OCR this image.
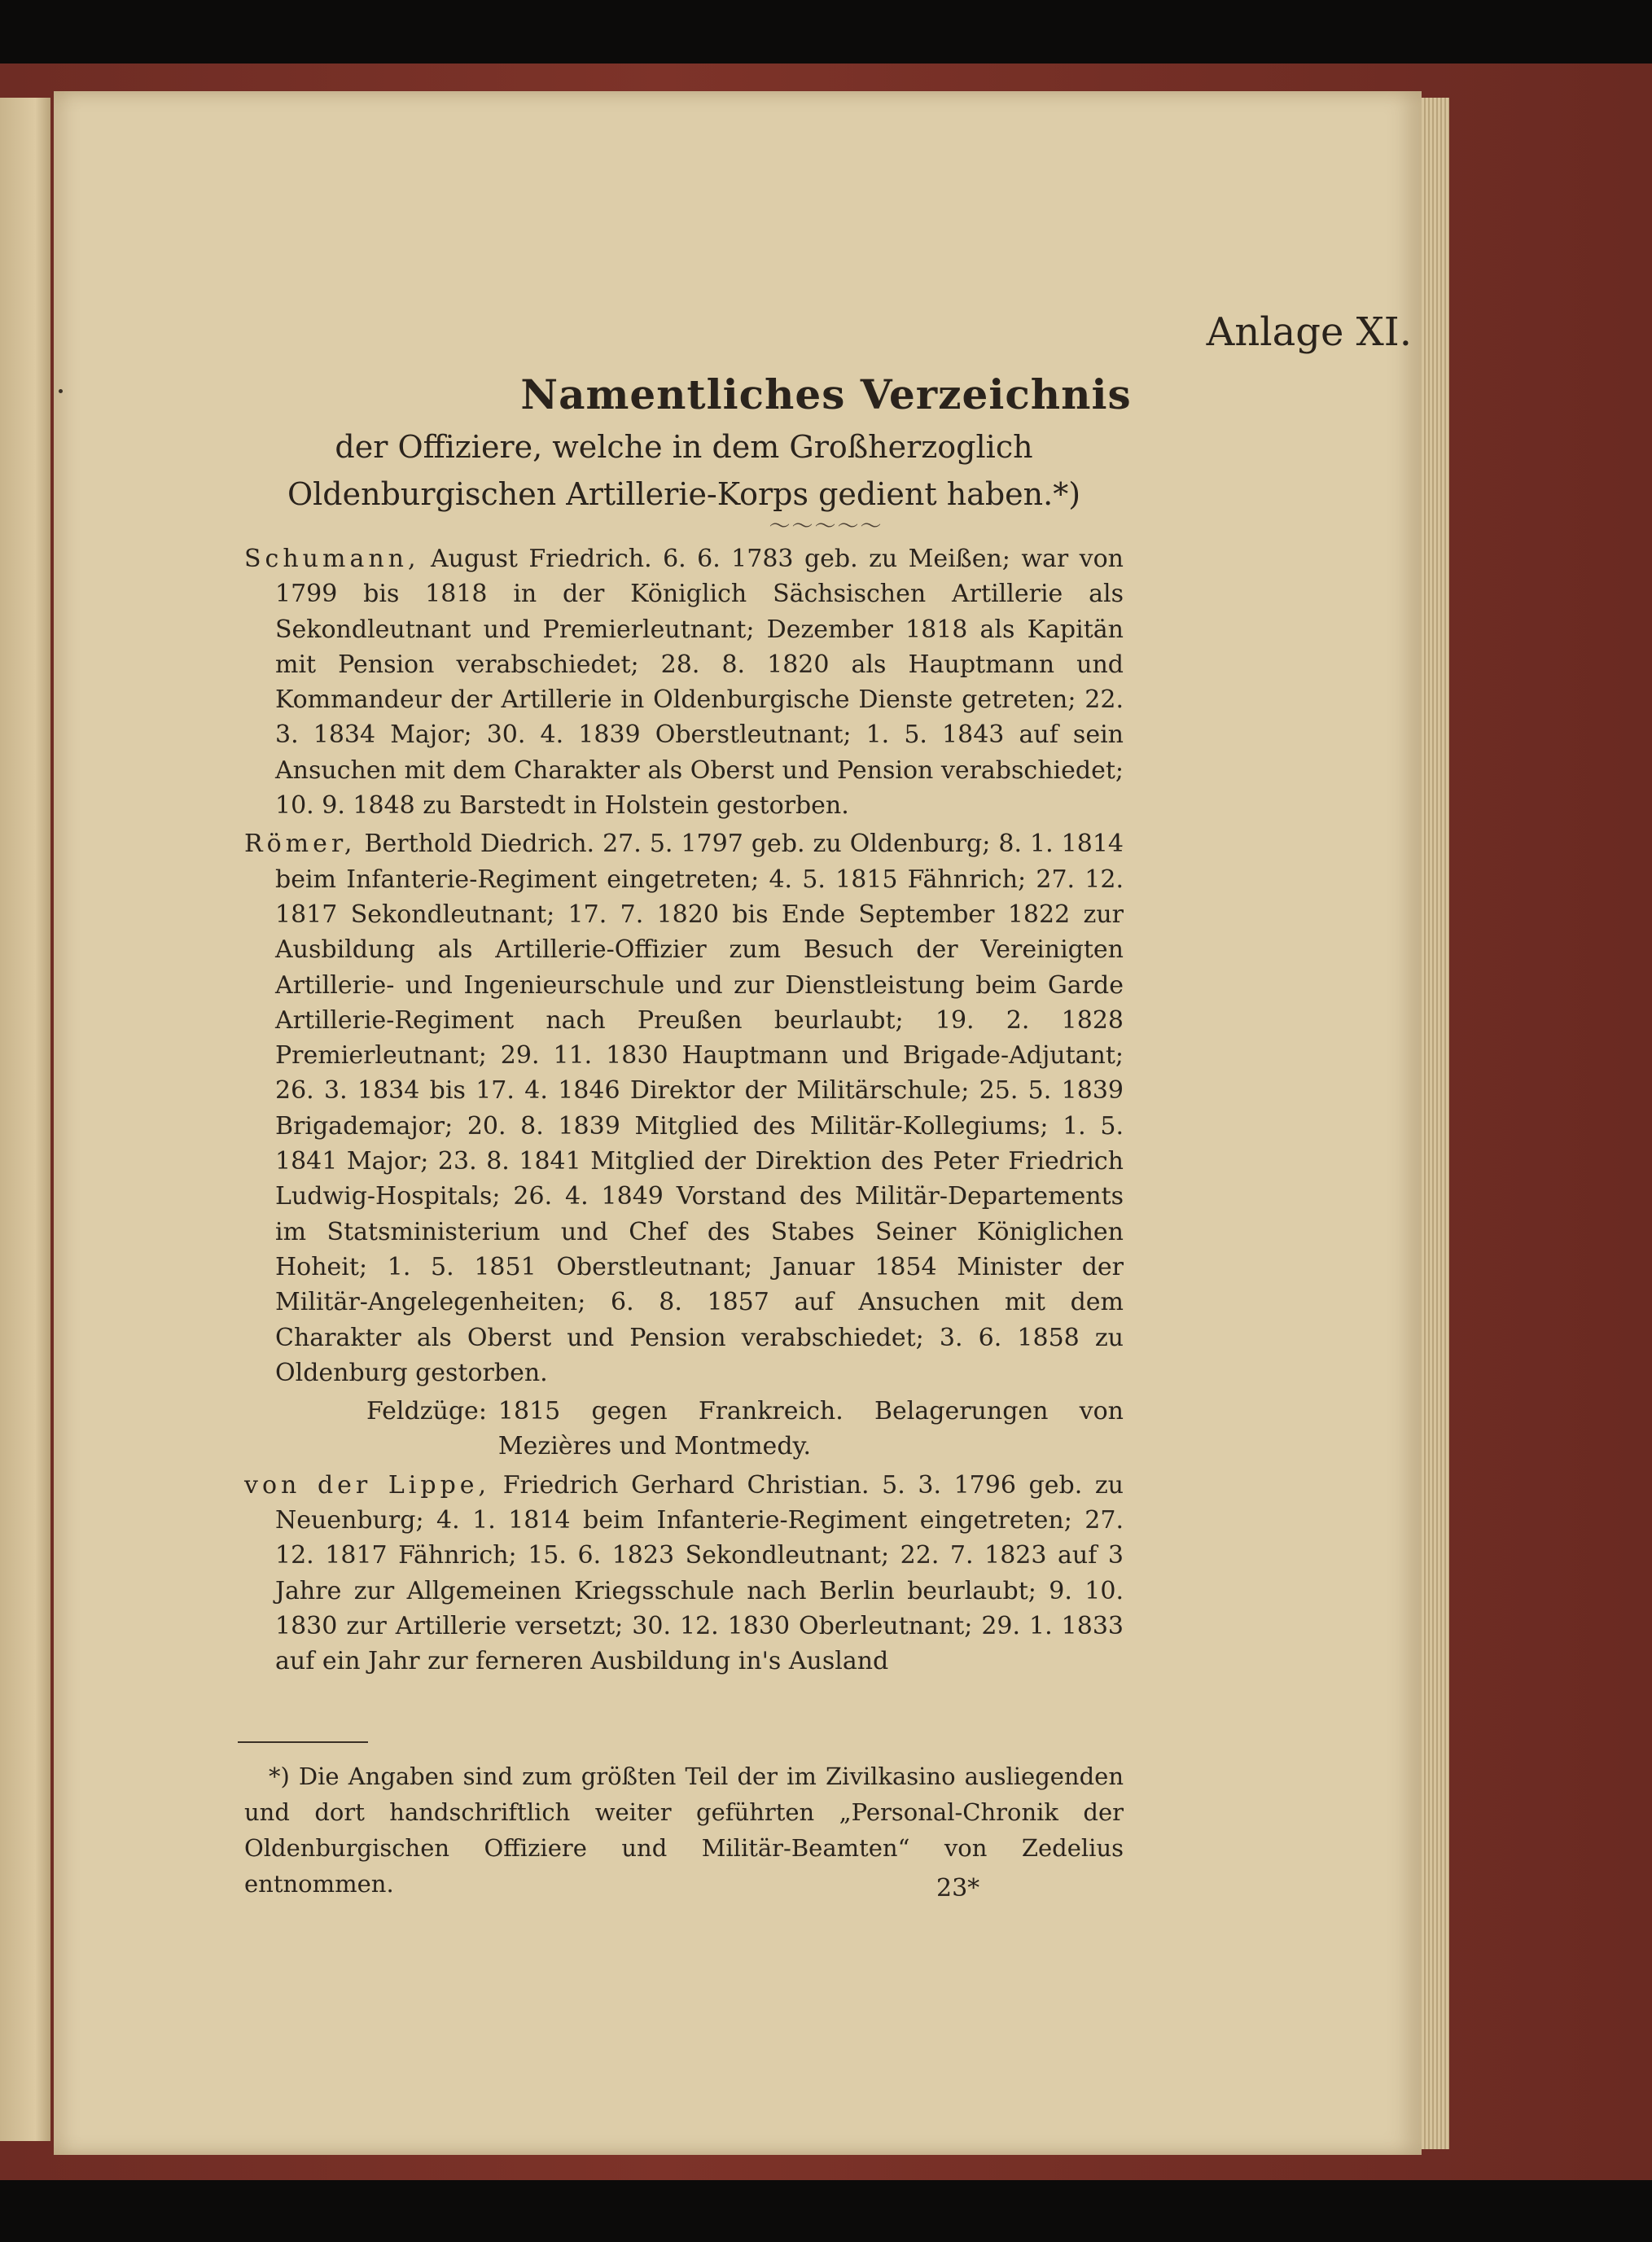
Anlage XI.
Namentliches Verzeichnis
der Offiziere, welche in dem Großherzoglich Oldenburgischen Artillerie-Korps gedient haben.*)
〜〜〜〜〜

Schumann, August Friedrich. 6. 6. 1783 geb. zu Meißen; war von 1799 bis 1818 in der Königlich Sächsischen Artillerie als Sekondleutnant und Premierleutnant; Dezember 1818 als Kapitän mit Pension verabschiedet; 28. 8. 1820 als Hauptmann und Kommandeur der Artillerie in Oldenburgische Dienste getreten; 22. 3. 1834 Major; 30. 4. 1839 Oberstleutnant; 1. 5. 1843 auf sein Ansuchen mit dem Charakter als Oberst und Pension verabschiedet; 10. 9. 1848 zu Barstedt in Holstein gestorben.

Römer, Berthold Diedrich. 27. 5. 1797 geb. zu Oldenburg; 8. 1. 1814 beim Infanterie-Regiment eingetreten; 4. 5. 1815 Fähnrich; 27. 12. 1817 Sekondleutnant; 17. 7. 1820 bis Ende September 1822 zur Ausbildung als Artillerie-Offizier zum Besuch der Vereinigten Artillerie- und Ingenieurschule und zur Dienstleistung beim Garde Artillerie-Regiment nach Preußen beurlaubt; 19. 2. 1828 Premierleutnant; 29. 11. 1830 Hauptmann und Brigade-Adjutant; 26. 3. 1834 bis 17. 4. 1846 Direktor der Militärschule; 25. 5. 1839 Brigademajor; 20. 8. 1839 Mitglied des Militär-Kollegiums; 1. 5. 1841 Major; 23. 8. 1841 Mitglied der Direktion des Peter Friedrich Ludwig-Hospitals; 26. 4. 1849 Vorstand des Militär-Departements im Statsministerium und Chef des Stabes Seiner Königlichen Hoheit; 1. 5. 1851 Oberstleutnant; Januar 1854 Minister der Militär-Angelegenheiten; 6. 8. 1857 auf Ansuchen mit dem Charakter als Oberst und Pension verabschiedet; 3. 6. 1858 zu Oldenburg gestorben.

Feldzüge: 1815 gegen Frankreich. Belagerungen von Mezières und Montmedy.

von der Lippe, Friedrich Gerhard Christian. 5. 3. 1796 geb. zu Neuenburg; 4. 1. 1814 beim Infanterie-Regiment eingetreten; 27. 12. 1817 Fähnrich; 15. 6. 1823 Sekondleutnant; 22. 7. 1823 auf 3 Jahre zur Allgemeinen Kriegsschule nach Berlin beurlaubt; 9. 10. 1830 zur Artillerie versetzt; 30. 12. 1830 Oberleutnant; 29. 1. 1833 auf ein Jahr zur ferneren Ausbildung in's Ausland

*) Die Angaben sind zum größten Teil der im Zivilkasino ausliegenden und dort handschriftlich weiter geführten „Personal-Chronik der Oldenburgischen Offiziere und Militär-Beamten“ von Zedelius entnommen.	23*
